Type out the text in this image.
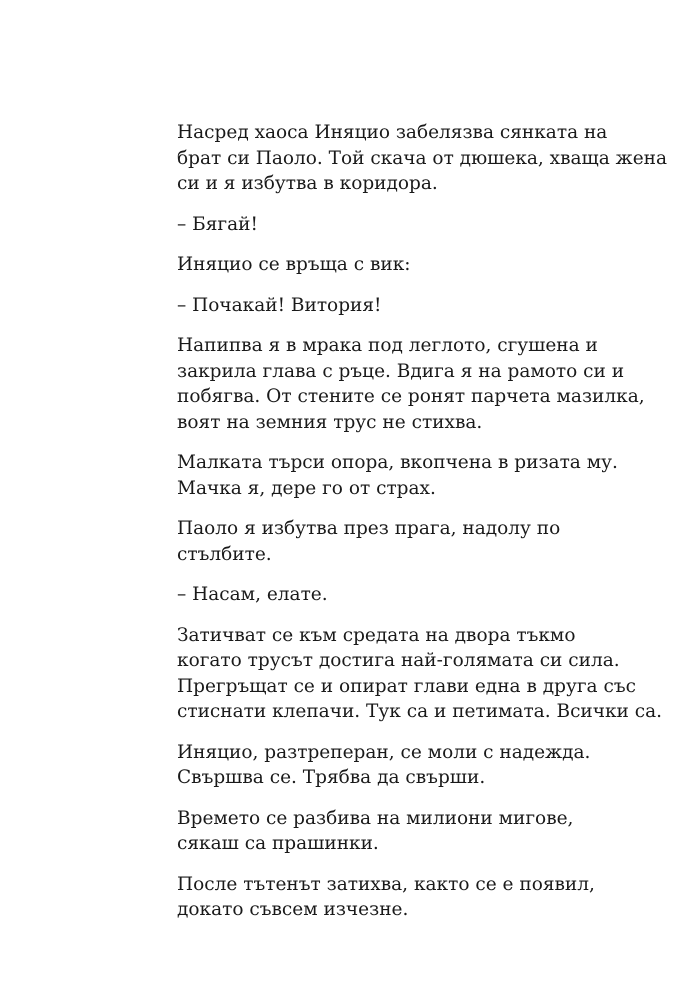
Насред хаоса Иняцио забелязва сянката на
брат си Паоло. Той скача от дюшека, хваща жена
си и я избутва в коридора.

– Бягай!

Иняцио се връща с вик:

– Почакай! Витория!

Напипва я в мрака под леглото, сгушена и
закрила глава с ръце. Вдига я на рамото си и
побягва. От стените се ронят парчета мазилка,
воят на земния трус не стихва.

Малката търси опора, вкопчена в ризата му.
Мачка я, дере го от страх.

Паоло я избутва през прага, надолу по
стълбите.

– Насам, елате.

Затичват се към средата на двора тъкмо
когато трусът достига най-голямата си сила.
Прегръщат се и опират глави една в друга със
стиснати клепачи. Тук са и петимата. Всички са.

Иняцио, разтреперан, се моли с надежда.
Свършва се. Трябва да свърши.

Времето се разбива на милиони мигове,
сякаш са прашинки.

После тътенът затихва, както се е появил,
докато съвсем изчезне.
